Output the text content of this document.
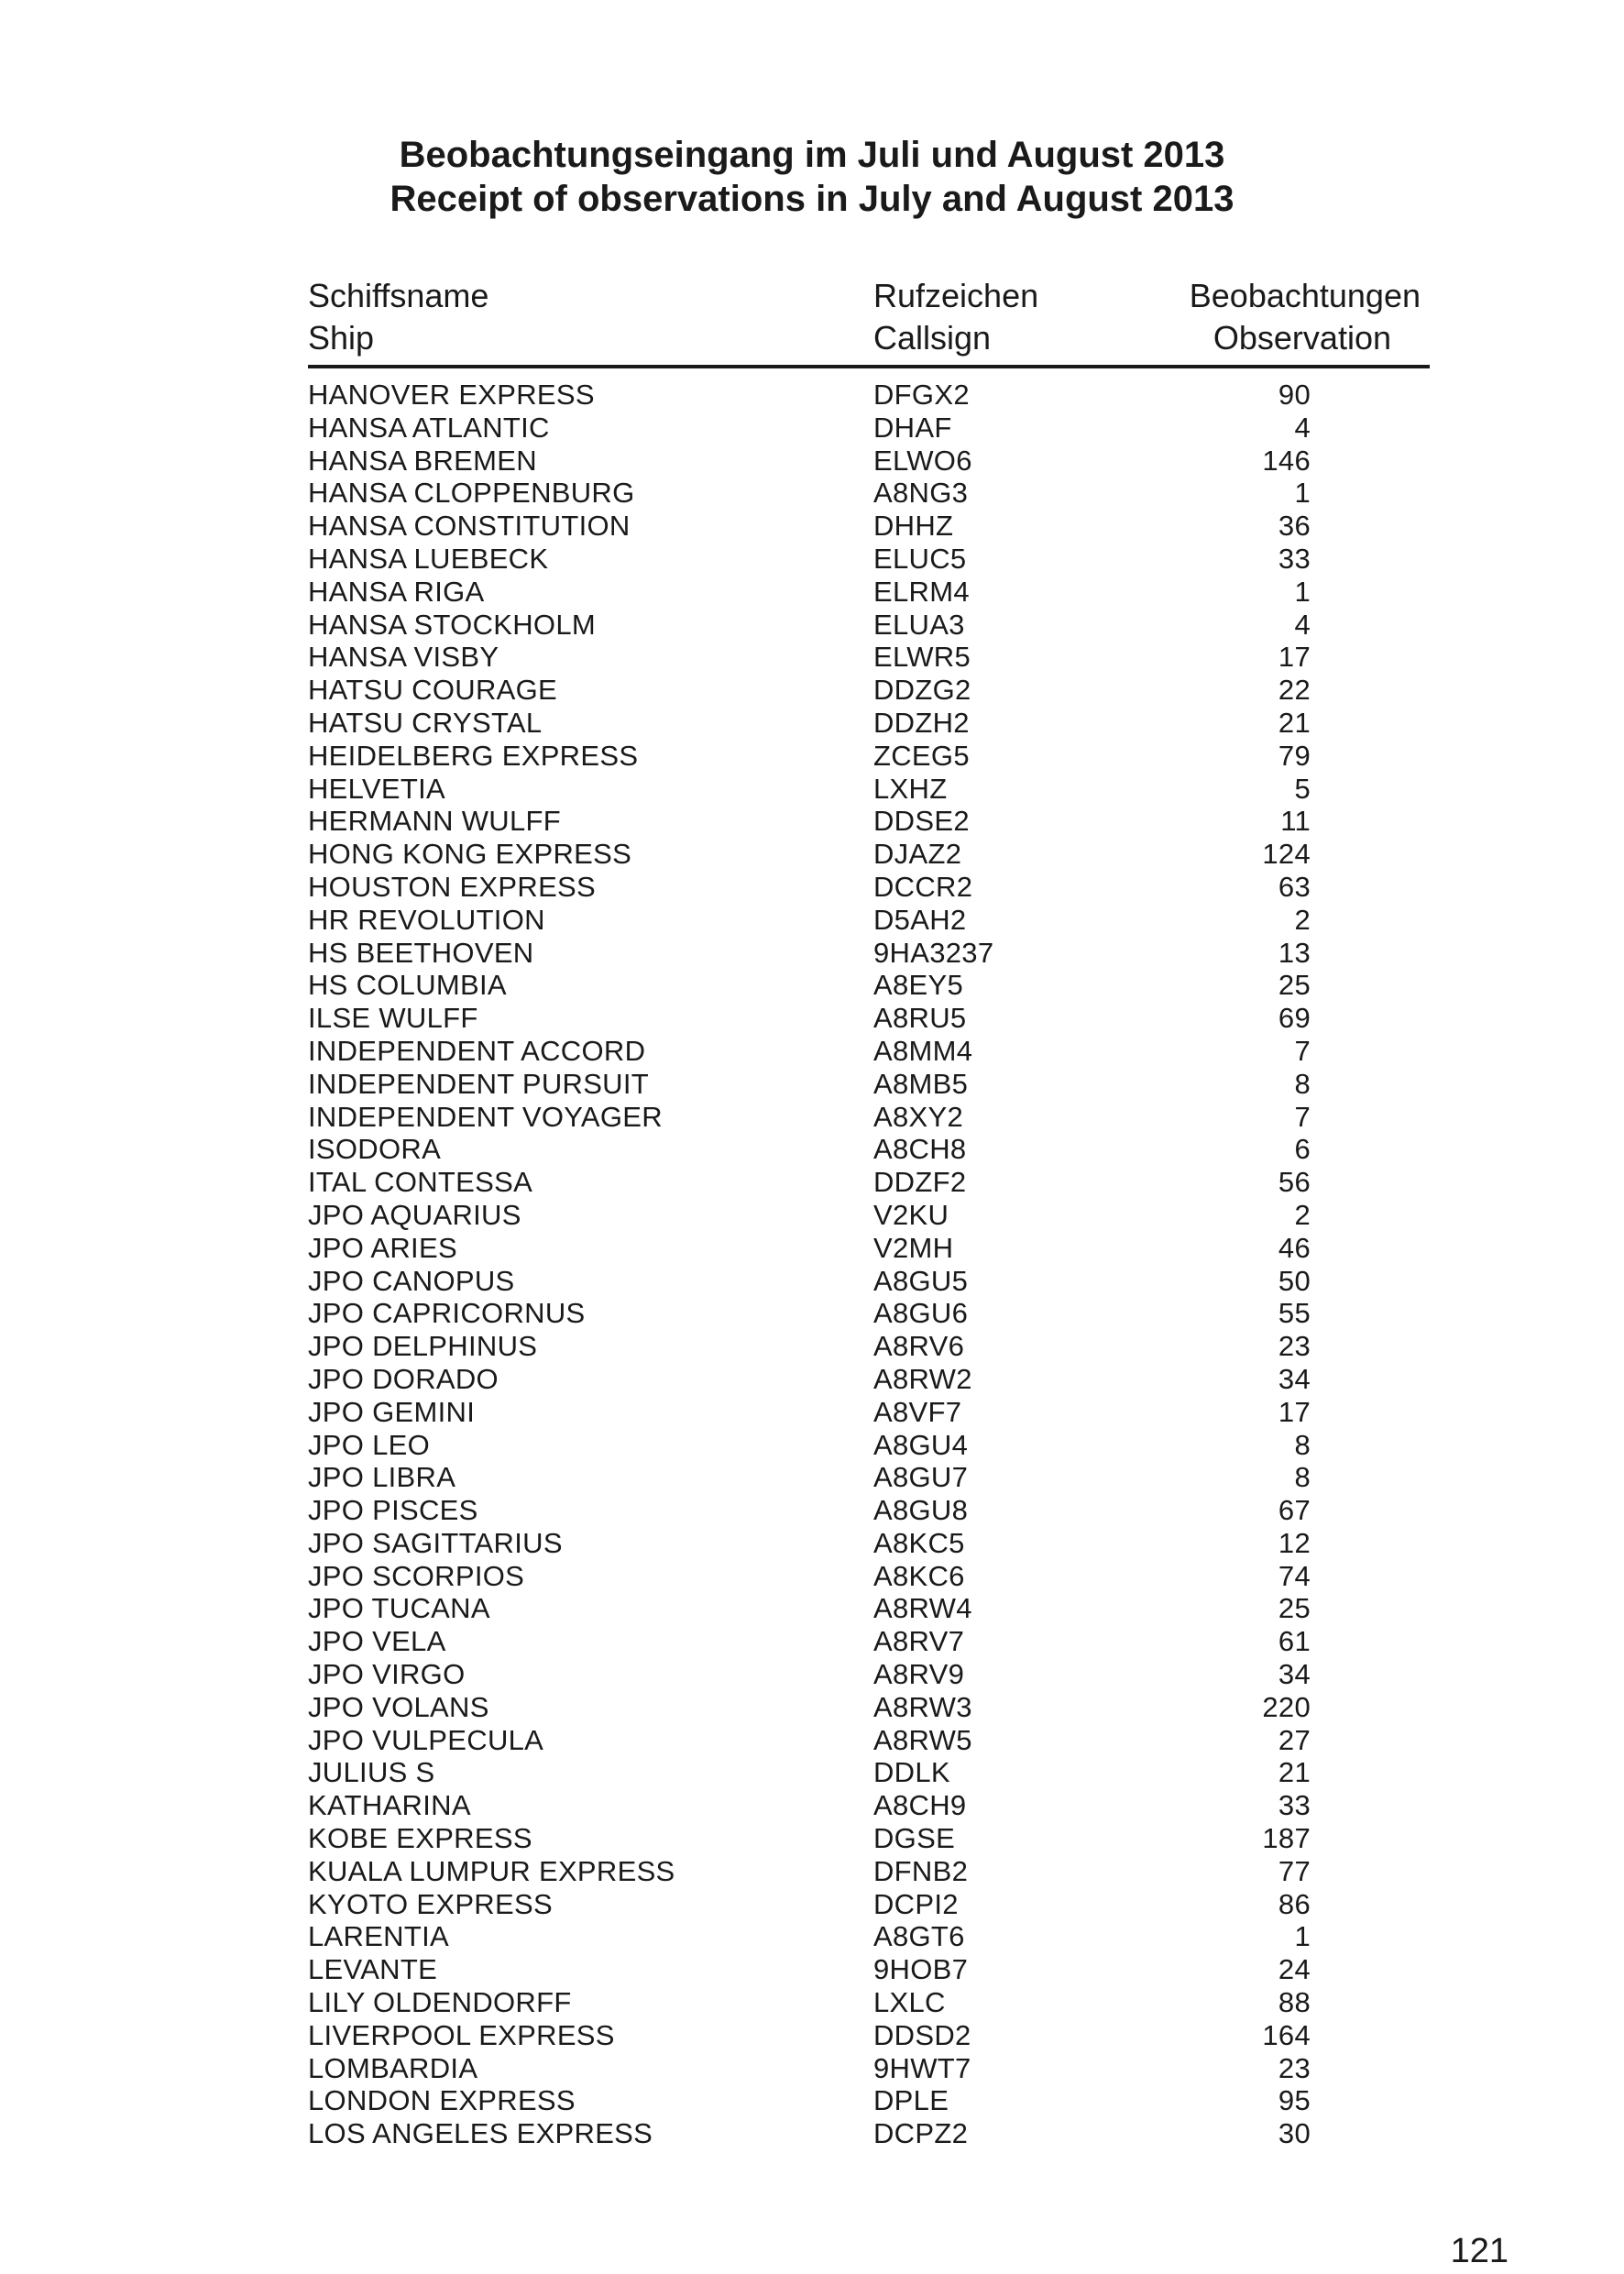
Beobachtungseingang im Juli und August 2013
Receipt of observations in July and August 2013
Schiffsname	Rufzeichen	Beobachtungen
Ship	Callsign	Observation
HANOVER EXPRESS	DFGX2	90
HANSA ATLANTIC	DHAF	4
HANSA BREMEN	ELWO6	146
HANSA CLOPPENBURG	A8NG3	1
HANSA CONSTITUTION	DHHZ	36
HANSA LUEBECK	ELUC5	33
HANSA RIGA	ELRM4	1
HANSA STOCKHOLM	ELUA3	4
HANSA VISBY	ELWR5	17
HATSU COURAGE	DDZG2	22
HATSU CRYSTAL	DDZH2	21
HEIDELBERG EXPRESS	ZCEG5	79
HELVETIA	LXHZ	5
HERMANN WULFF	DDSE2	11
HONG KONG EXPRESS	DJAZ2	124
HOUSTON EXPRESS	DCCR2	63
HR REVOLUTION	D5AH2	2
HS BEETHOVEN	9HA3237	13
HS COLUMBIA	A8EY5	25
ILSE WULFF	A8RU5	69
INDEPENDENT ACCORD	A8MM4	7
INDEPENDENT PURSUIT	A8MB5	8
INDEPENDENT VOYAGER	A8XY2	7
ISODORA	A8CH8	6
ITAL CONTESSA	DDZF2	56
JPO AQUARIUS	V2KU	2
JPO ARIES	V2MH	46
JPO CANOPUS	A8GU5	50
JPO CAPRICORNUS	A8GU6	55
JPO DELPHINUS	A8RV6	23
JPO DORADO	A8RW2	34
JPO GEMINI	A8VF7	17
JPO LEO	A8GU4	8
JPO LIBRA	A8GU7	8
JPO PISCES	A8GU8	67
JPO SAGITTARIUS	A8KC5	12
JPO SCORPIOS	A8KC6	74
JPO TUCANA	A8RW4	25
JPO VELA	A8RV7	61
JPO VIRGO	A8RV9	34
JPO VOLANS	A8RW3	220
JPO VULPECULA	A8RW5	27
JULIUS S	DDLK	21
KATHARINA	A8CH9	33
KOBE EXPRESS	DGSE	187
KUALA LUMPUR EXPRESS	DFNB2	77
KYOTO EXPRESS	DCPI2	86
LARENTIA	A8GT6	1
LEVANTE	9HOB7	24
LILY OLDENDORFF	LXLC	88
LIVERPOOL EXPRESS	DDSD2	164
LOMBARDIA	9HWT7	23
LONDON EXPRESS	DPLE	95
LOS ANGELES EXPRESS	DCPZ2	30

121
